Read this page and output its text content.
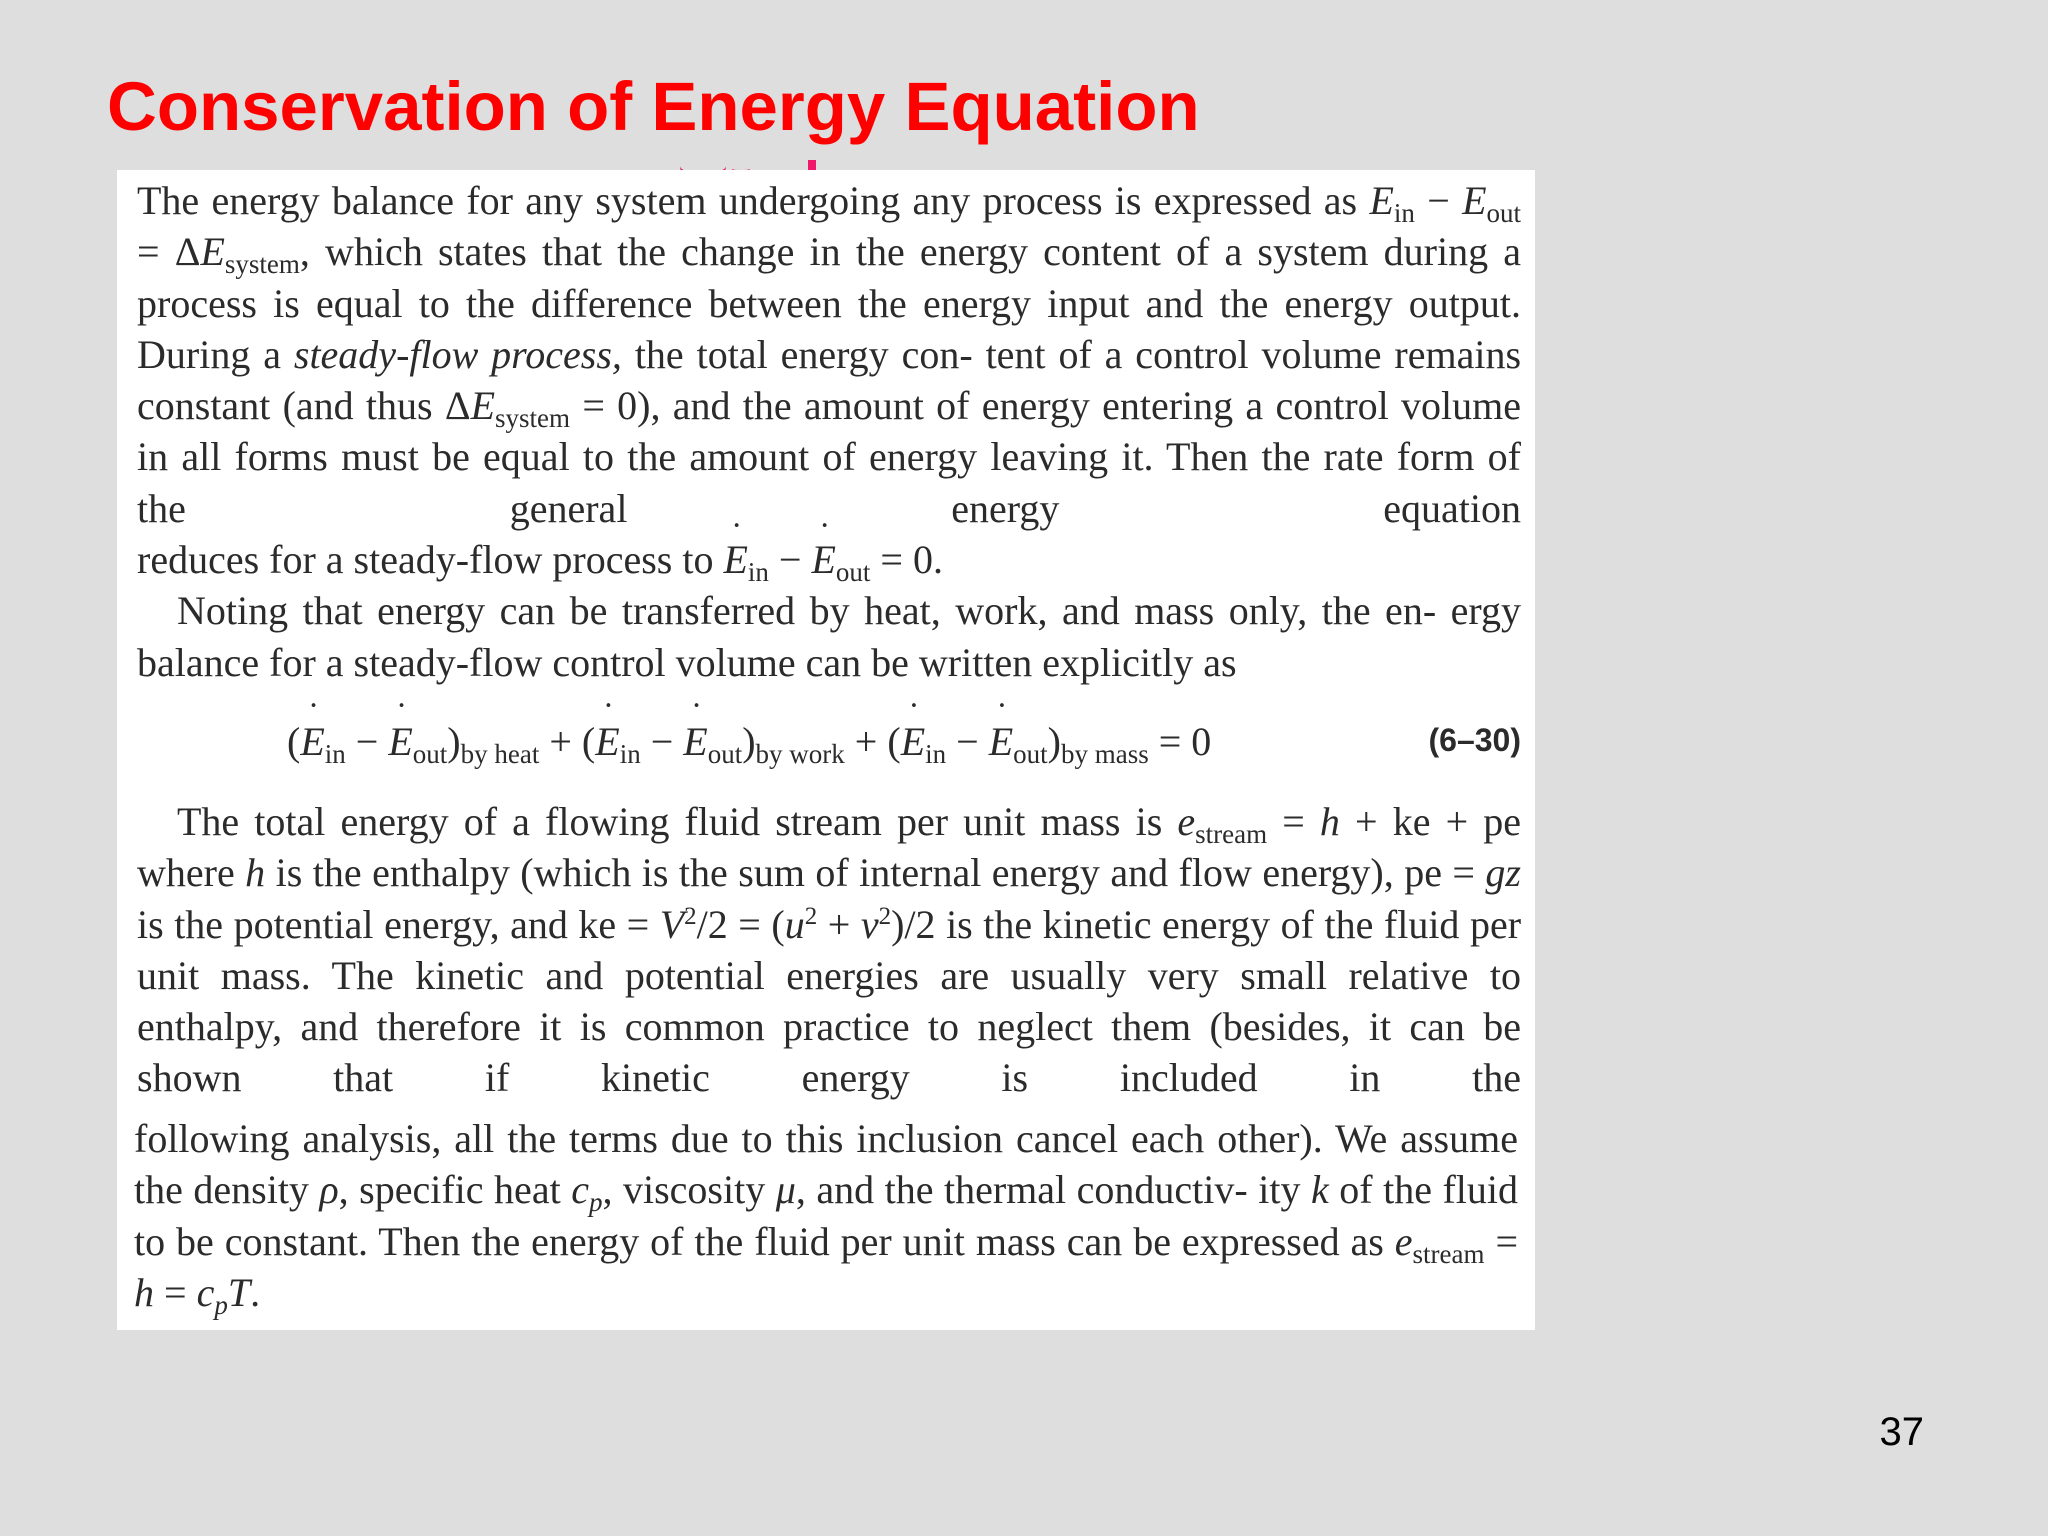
Conservation of Energy Equation

The energy balance for any system undergoing any process is expressed as $E_{in} - E_{out} = \Delta E_{system}$, which states that the change in the energy content of a system during a process is equal to the difference between the energy input and the energy output. During a steady-flow process, the total energy con- tent of a control volume remains constant (and thus $\Delta E_{system} = 0$), and the amount of energy entering a control volume in all forms must be equal to the amount of energy leaving it. Then the rate form of the general energy equation

reduces for a steady-flow process to E $˙_{in} - E$ $˙_{out} = 0$.

Noting that energy can be transferred by heat, work, and mass only, the en- ergy balance for a steady-flow control volume can be written explicitly as

(E $˙_{in} - E$ $˙_{out})_{by heat} + (E$ $˙_{in} - E$ $˙_{out})_{by work} + (E$ $˙_{in} - E$ $˙_{out})_{by mass} = 0$	(6–30)

The total energy of a flowing fluid stream per unit mass is $e_{stream} = h$ + ke + pe where h is the enthalpy (which is the sum of internal energy and flow energy), pe = gz is the potential energy, and ke = $V^2/2 = (u^2 + v^2)/2$ is the kinetic energy of the fluid per unit mass. The kinetic and potential energies are usually very small relative to enthalpy, and therefore it is common practice to neglect them (besides, it can be shown that if kinetic energy is included in the

following analysis, all the terms due to this inclusion cancel each other). We assume the density ρ, specific heat $c_p$, viscosity μ, and the thermal conductiv- ity k of the fluid to be constant. Then the energy of the fluid per unit mass can be expressed as $e_{stream} = h = c_pT$.

37
